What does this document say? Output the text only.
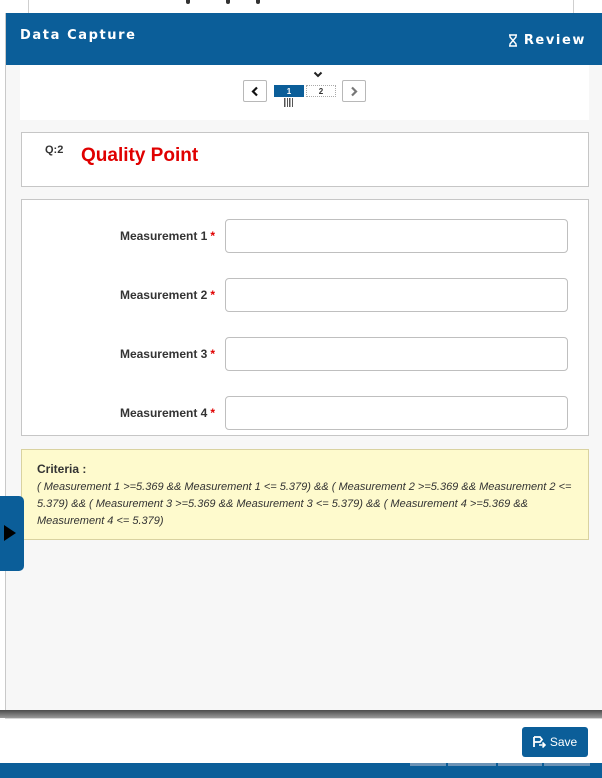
Data Capture	Review
1	2
Q:2 Quality Point
Measurement 1 *
Measurement 2 *
Measurement 3 *
Measurement 4 *
Criteria :
( Measurement 1 >=5.369 && Measurement 1 <= 5.379) && ( Measurement 2 >=5.369 && Measurement 2 <= 5.379) && ( Measurement 3 >=5.369 && Measurement 3 <= 5.379) && ( Measurement 4 >=5.369 && Measurement 4 <= 5.379)
Save
